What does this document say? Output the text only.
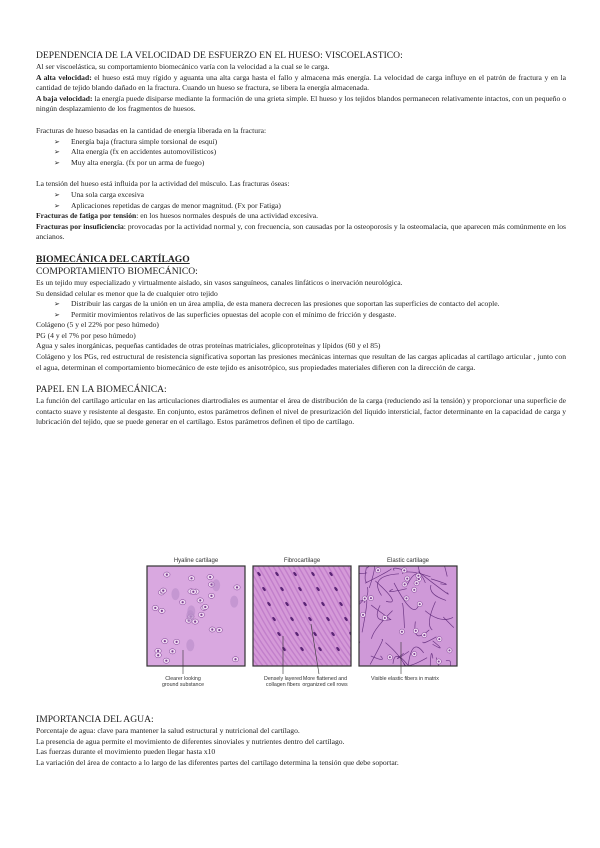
DEPENDENCIA DE LA VELOCIDAD DE ESFUERZO EN EL HUESO: VISCOELASTICO:

Al ser viscoelástica, su comportamiento biomecánico varía con la velocidad a la cual se le carga.

A alta velocidad: el hueso está muy rígido y aguanta una alta carga hasta el fallo y almacena más energía. La velocidad de carga influye en el patrón de fractura y en la cantidad de tejido blando dañado en la fractura. Cuando un hueso se fractura, se libera la energía almacenada.

A baja velocidad: la energía puede disiparse mediante la formación de una grieta simple. El hueso y los tejidos blandos permanecen relativamente intactos, con un pequeño o ningún desplazamiento de los fragmentos de huesos.

Fracturas de hueso basadas en la cantidad de energía liberada en la fractura:

➢ Energía baja (fractura simple torsional de esquí)
➢ Alta energía (fx en accidentes automovilísticos)
➢ Muy alta energía. (fx por un arma de fuego)

La tensión del hueso está influida por la actividad del músculo. Las fracturas óseas:

➢ Una sola carga excesiva
➢ Aplicaciones repetidas de cargas de menor magnitud. (Fx por Fatiga)

Fracturas de fatiga por tensión: en los huesos normales después de una actividad excesiva.

Fracturas por insuficiencia: provocadas por la actividad normal y, con frecuencia, son causadas por la osteoporosis y la osteomalacia, que aparecen más comúnmente en los ancianos.

BIOMECÁNICA DEL CARTÍLAGO
COMPORTAMIENTO BIOMECÁNICO:

Es un tejido muy especializado y virtualmente aislado, sin vasos sanguíneos, canales linfáticos o inervación neurológica.

Su densidad celular es menor que la de cualquier otro tejido

➢ Distribuir las cargas de la unión en un área amplia, de esta manera decrecen las presiones que soportan las superficies de contacto del acople.
➢ Permitir movimientos relativos de las superficies opuestas del acople con el mínimo de fricción y desgaste.

Colágeno (5 y el 22% por peso húmedo)

PG (4 y el 7% por peso húmedo)

Agua y sales inorgánicas, pequeñas cantidades de otras proteínas matriciales, glicoproteínas y lípidos (60 y el 85)

Colágeno y los PGs, red estructural de resistencia significativa soportan las presiones mecánicas internas que resultan de las cargas aplicadas al cartílago articular , junto con el agua, determinan el comportamiento biomecánico de este tejido es anisotrópico, sus propiedades materiales difieren con la dirección de carga.

PAPEL EN LA BIOMECÁNICA:

La función del cartílago articular en las articulaciones diartrodiales es aumentar el área de distribución de la carga (reduciendo así la tensión) y proporcionar una superficie de contacto suave y resistente al desgaste. En conjunto, estos parámetros definen el nivel de presurización del líquido intersticial, factor determinante en la capacidad de carga y lubricación del tejido, que se puede generar en el cartílago. Estos parámetros definen el tipo de cartílago.

Hyaline cartilage	Fibrocartilage	Elastic cartilage
Clearer looking
ground substance
Densely layered
collagen fibers
More flattened and
organized cell rows
Visible elastic fibers in matrix
IMPORTANCIA DEL AGUA:

Porcentaje de agua: clave para mantener la salud estructural y nutricional del cartílago.

La presencia de agua permite el movimiento de diferentes sinoviales y nutrientes dentro del cartílago.

Las fuerzas durante el movimiento pueden llegar hasta x10

La variación del área de contacto a lo largo de las diferentes partes del cartílago determina la tensión que debe soportar.
